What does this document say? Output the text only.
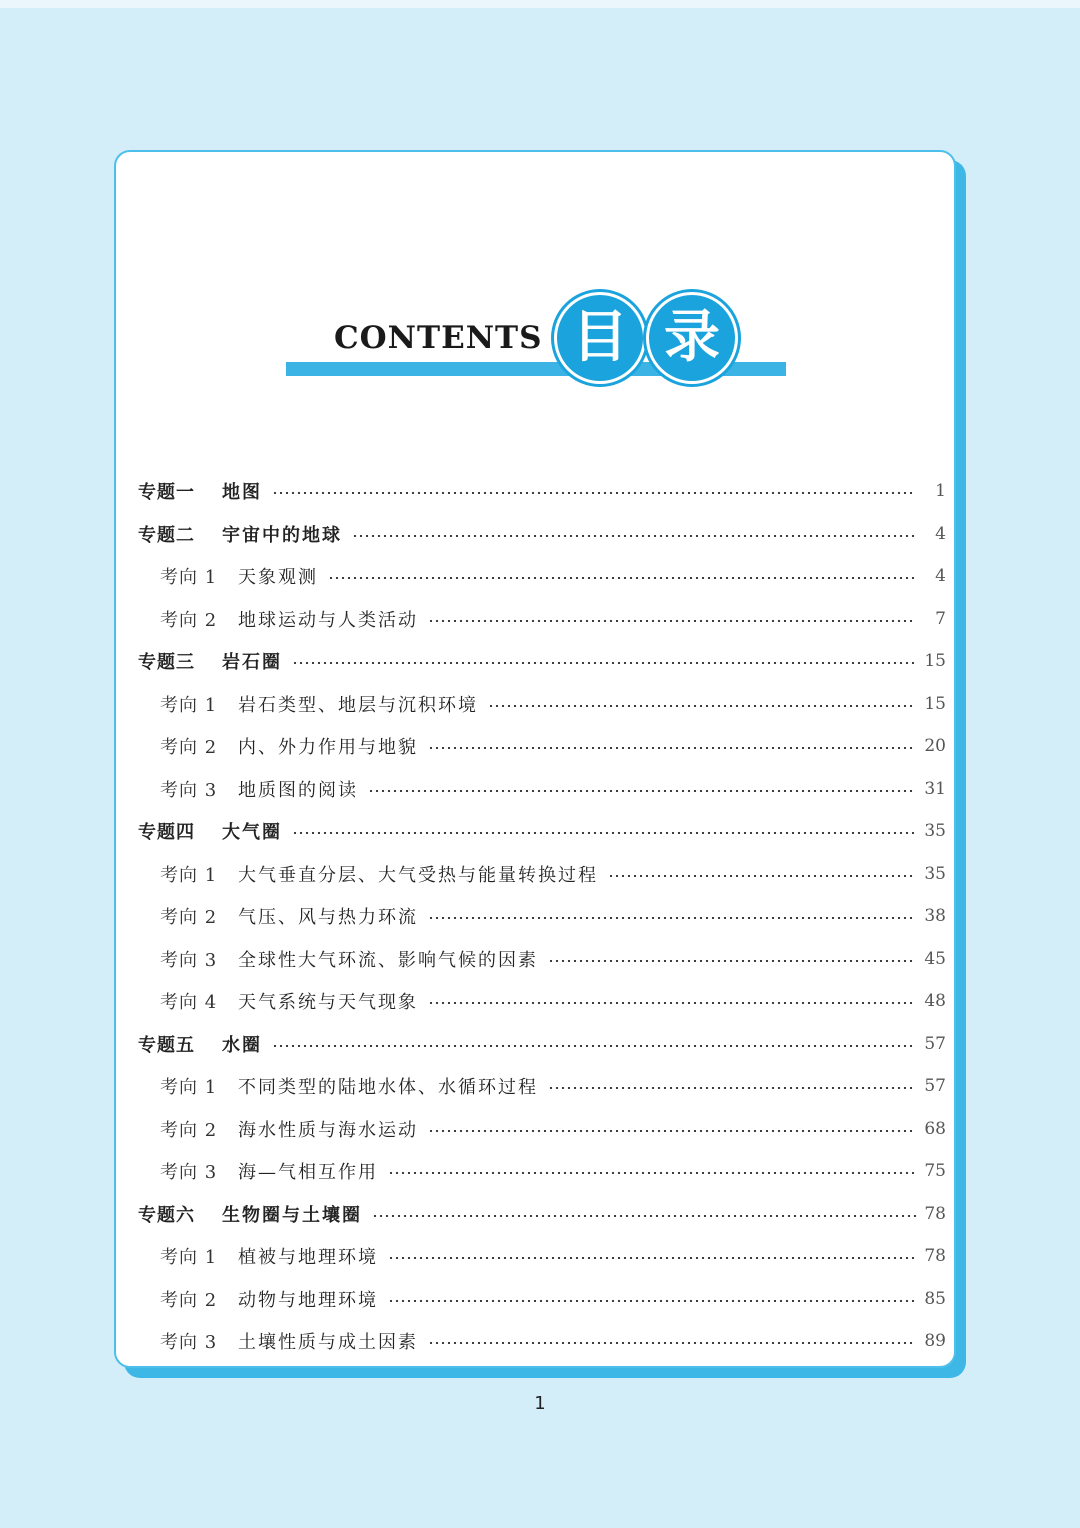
CONTENTS 目 录
专题一	地图	1
专题二	宇宙中的地球	4
考向 1	天象观测	4
考向 2	地球运动与人类活动	7
专题三	岩石圈	15
考向 1	岩石类型、地层与沉积环境	15
考向 2	内、外力作用与地貌	20
考向 3	地质图的阅读	31
专题四	大气圈	35
考向 1	大气垂直分层、大气受热与能量转换过程	35
考向 2	气压、风与热力环流	38
考向 3	全球性大气环流、影响气候的因素	45
考向 4	天气系统与天气现象	48
专题五	水圈	57
考向 1	不同类型的陆地水体、水循环过程	57
考向 2	海水性质与海水运动	68
考向 3	海—气相互作用	75
专题六	生物圈与土壤圈	78
考向 1	植被与地理环境	78
考向 2	动物与地理环境	85
考向 3	土壤性质与成土因素	89
1
